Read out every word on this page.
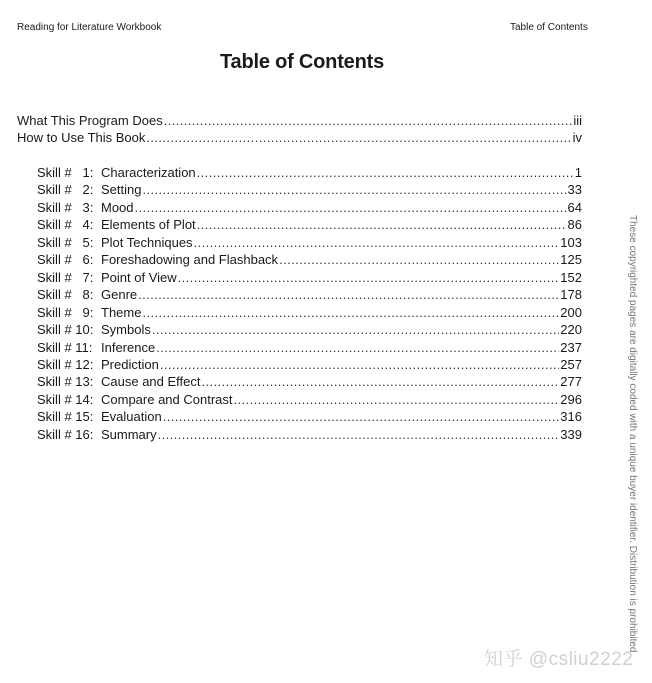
Reading for Literature Workbook	Table of Contents
Table of Contents
What This Program Does .....	iii
How to Use This Book .....	iv
Skill #   1: Characterization .....	1
Skill #   2: Setting .....	33
Skill #   3: Mood .....	64
Skill #   4: Elements of Plot .....	86
Skill #   5: Plot Techniques .....	103
Skill #   6: Foreshadowing and Flashback .....	125
Skill #   7: Point of View .....	152
Skill #   8: Genre .....	178
Skill #   9: Theme .....	200
Skill # 10: Symbols .....	220
Skill # 11: Inference .....	237
Skill # 12: Prediction .....	257
Skill # 13: Cause and Effect .....	277
Skill # 14: Compare and Contrast .....	296
Skill # 15: Evaluation .....	316
Skill # 16: Summary .....	339	These copyrighted pages are digitally coded with a unique buyer identifier. Distribution is prohibited.
知乎 @csliu2222
